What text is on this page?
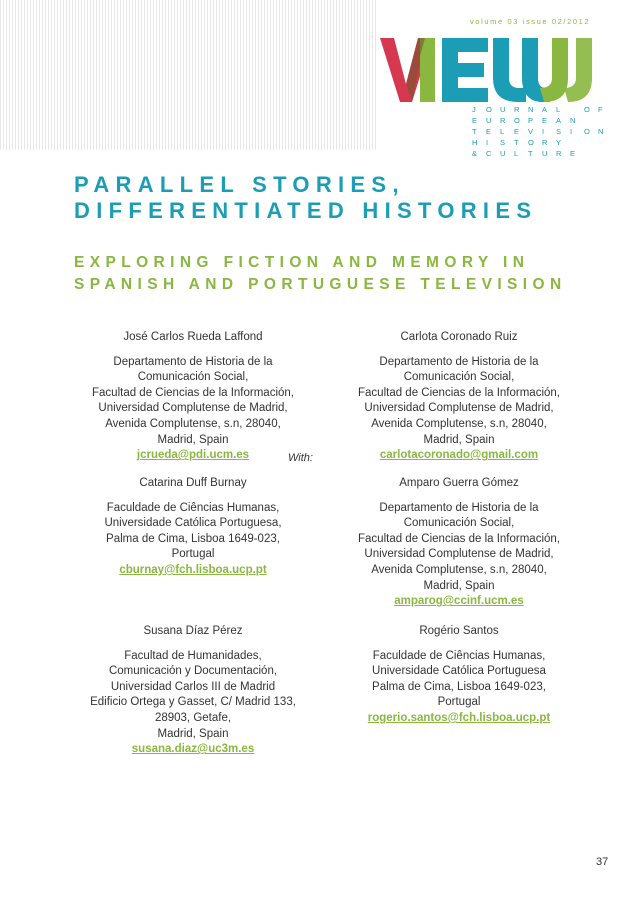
volume 03 issue 02/2012
J O U R N A L	O F
E U R O P E A N
T E L E V I S I O N
H I S T O R Y
& C U L T U R E
PARALLEL STORIES,
DIFFERENTIATED HISTORIES
EXPLORING FICTION AND MEMORY IN
SPANISH AND PORTUGUESE TELEVISION
José Carlos Rueda Laffond
Departamento de Historia de la
Comunicación Social,
Facultad de Ciencias de la Información,
Universidad Complutense de Madrid,
Avenida Complutense, s.n, 28040,
Madrid, Spain
jcrueda@pdi.ucm.es
Carlota Coronado Ruiz
Departamento de Historia de la
Comunicación Social,
Facultad de Ciencias de la Información,
Universidad Complutense de Madrid,
Avenida Complutense, s.n, 28040,
Madrid, Spain
carlotacoronado@gmail.com
With:
Catarina Duff Burnay
Faculdade de Ciências Humanas,
Universidade Católica Portuguesa,
Palma de Cima, Lisboa 1649-023,
Portugal
cburnay@fch.lisboa.ucp.pt
Amparo Guerra Gómez
Departamento de Historia de la
Comunicación Social,
Facultad de Ciencias de la Información,
Universidad Complutense de Madrid,
Avenida Complutense, s.n, 28040,
Madrid, Spain
amparog@ccinf.ucm.es
Susana Díaz Pérez
Facultad de Humanidades,
Comunicación y Documentación,
Universidad Carlos III de Madrid
Edificio Ortega y Gasset, C/ Madrid 133,
28903, Getafe,
Madrid, Spain
susana.diaz@uc3m.es
Rogério Santos
Faculdade de Ciências Humanas,
Universidade Católica Portuguesa
Palma de Cima, Lisboa 1649-023,
Portugal
rogerio.santos@fch.lisboa.ucp.pt
37
